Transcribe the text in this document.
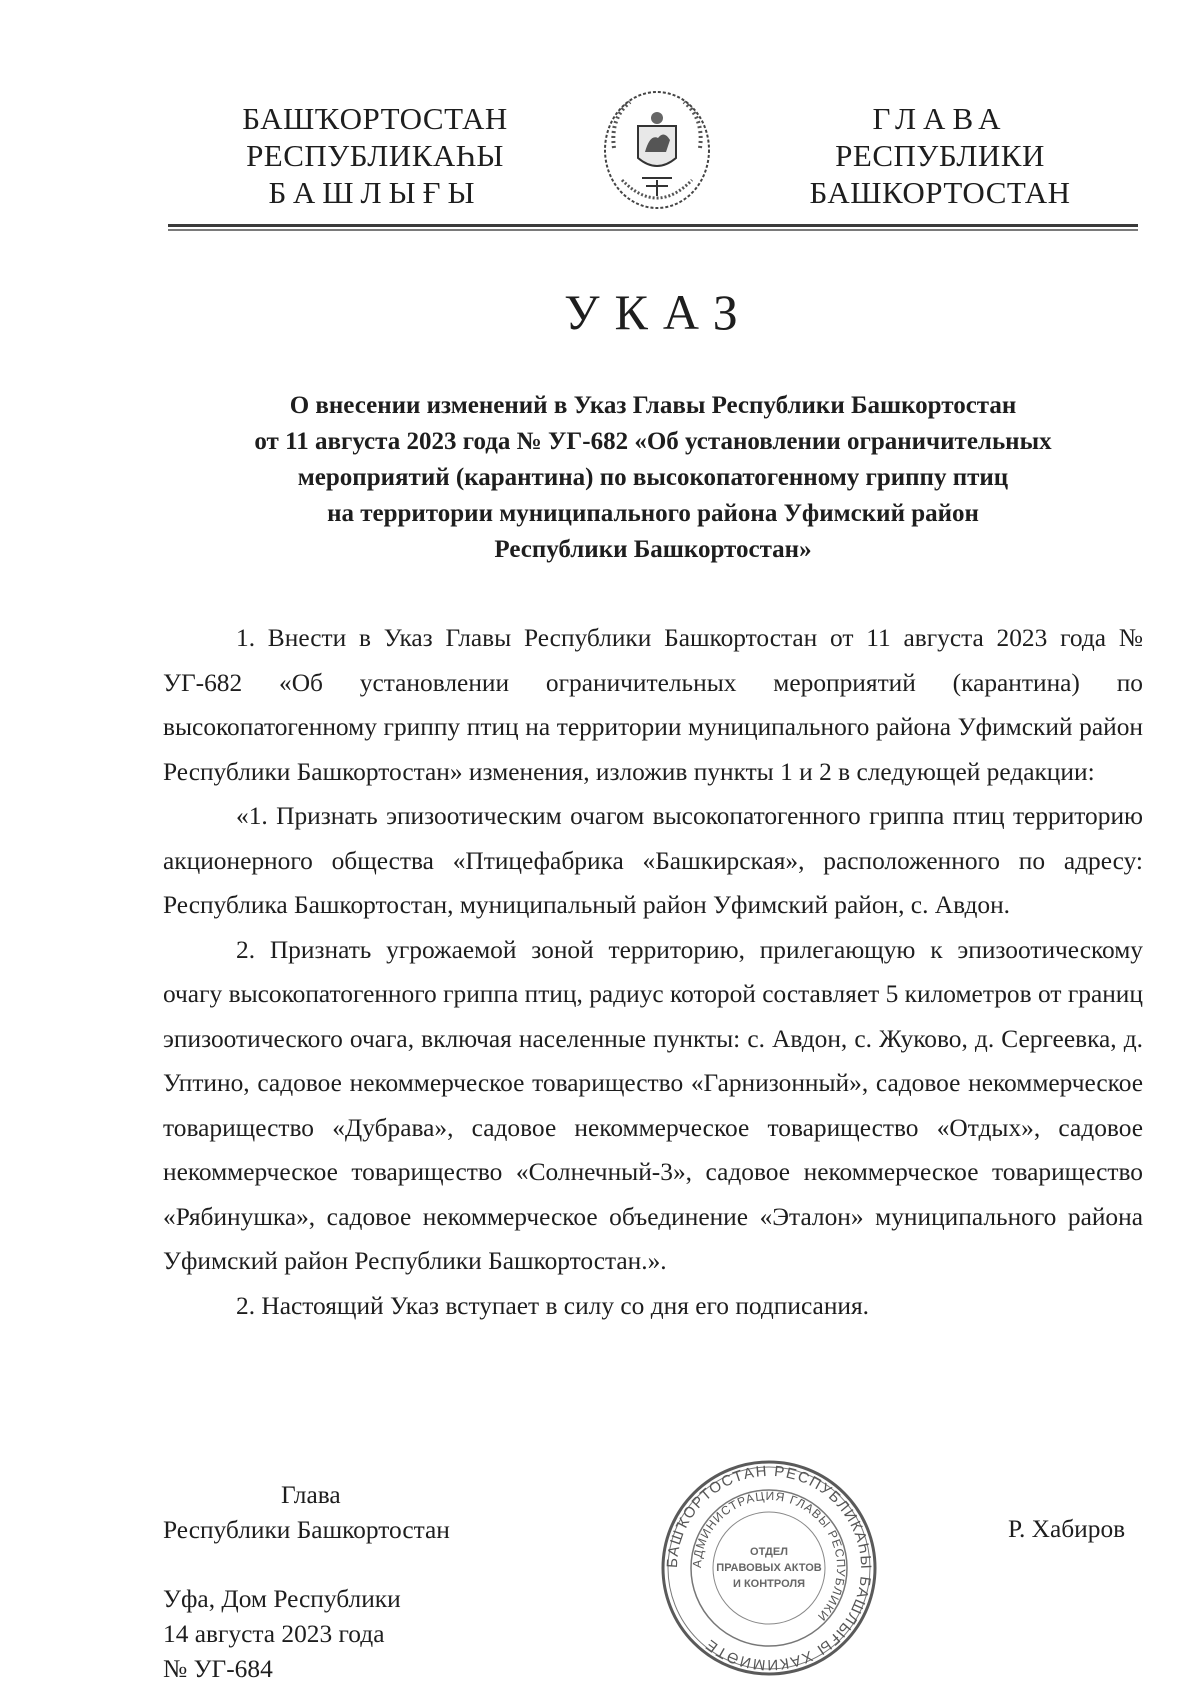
БАШҠОРТОСТАН
РЕСПУБЛИКАҺЫ
БАШЛЫҒЫ
ГЛАВА
РЕСПУБЛИКИ
БАШКОРТОСТАН
УКАЗ
О внесении изменений в Указ Главы Республики Башкортостан
от 11 августа 2023 года № УГ-682 «Об установлении ограничительных
мероприятий (карантина) по высокопатогенному гриппу птиц
на территории муниципального района Уфимский район
Республики Башкортостан»

1. Внести в Указ Главы Республики Башкортостан от 11 августа 2023 года № УГ-682 «Об установлении ограничительных мероприятий (карантина) по высокопатогенному гриппу птиц на территории муниципального района Уфимский район Республики Башкортостан» изменения, изложив пункты 1 и 2 в следующей редакции:

«1. Признать эпизоотическим очагом высокопатогенного гриппа птиц территорию акционерного общества «Птицефабрика «Башкирская», расположенного по адресу: Республика Башкортостан, муниципальный район Уфимский район, с. Авдон.

2. Признать угрожаемой зоной территорию, прилегающую к эпизоотическому очагу высокопатогенного гриппа птиц, радиус которой составляет 5 километров от границ эпизоотического очага, включая населенные пункты: с. Авдон, с. Жуково, д. Сергеевка, д. Уптино, садовое некоммерческое товарищество «Гарнизонный», садовое некоммерческое товарищество «Дубрава», садовое некоммерческое товарищество «Отдых», садовое некоммерческое товарищество «Солнечный-3», садовое некоммерческое товарищество «Рябинушка», садовое некоммерческое объединение «Эталон» муниципального района Уфимский район Республики Башкортостан.».

2. Настоящий Указ вступает в силу со дня его подписания.

Глава
Республики Башкортостан
БАШҠОРТОСТАН РЕСПУБЛИКАҺЫ БАШЛЫҒЫ ХАКИМИӘТЕ
АДМИНИСТРАЦИЯ ГЛАВЫ РЕСПУБЛИКИ
ОТДЕЛ
ПРАВОВЫХ АКТОВ
И КОНТРОЛЯ
Р. Хабиров
Уфа, Дом Республики
14 августа 2023 года
№ УГ-684
